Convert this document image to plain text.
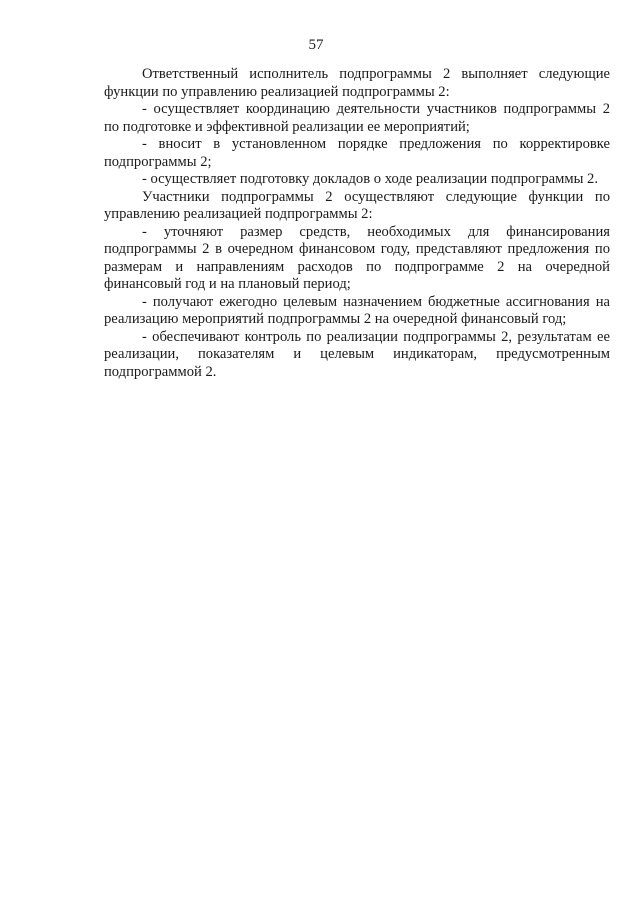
57

Ответственный исполнитель подпрограммы 2 выполняет следующие функции по управлению реализацией подпрограммы 2:

- осуществляет координацию деятельности участников подпрограммы 2 по подготовке и эффективной реализации ее мероприятий;

- вносит в установленном порядке предложения по корректировке подпрограммы 2;

- осуществляет подготовку докладов о ходе реализации подпрограммы 2.

Участники подпрограммы 2 осуществляют следующие функции по управлению реализацией подпрограммы 2:

- уточняют размер средств, необходимых для финансирования подпрограммы 2 в очередном финансовом году, представляют предложения по размерам и направлениям расходов по подпрограмме 2 на очередной финансовый год и на плановый период;

- получают ежегодно целевым назначением бюджетные ассигнования на реализацию мероприятий подпрограммы 2 на очередной финансовый год;

- обеспечивают контроль по реализации подпрограммы 2, результатам ее реализации, показателям и целевым индикаторам, предусмотренным подпрограммой 2.
